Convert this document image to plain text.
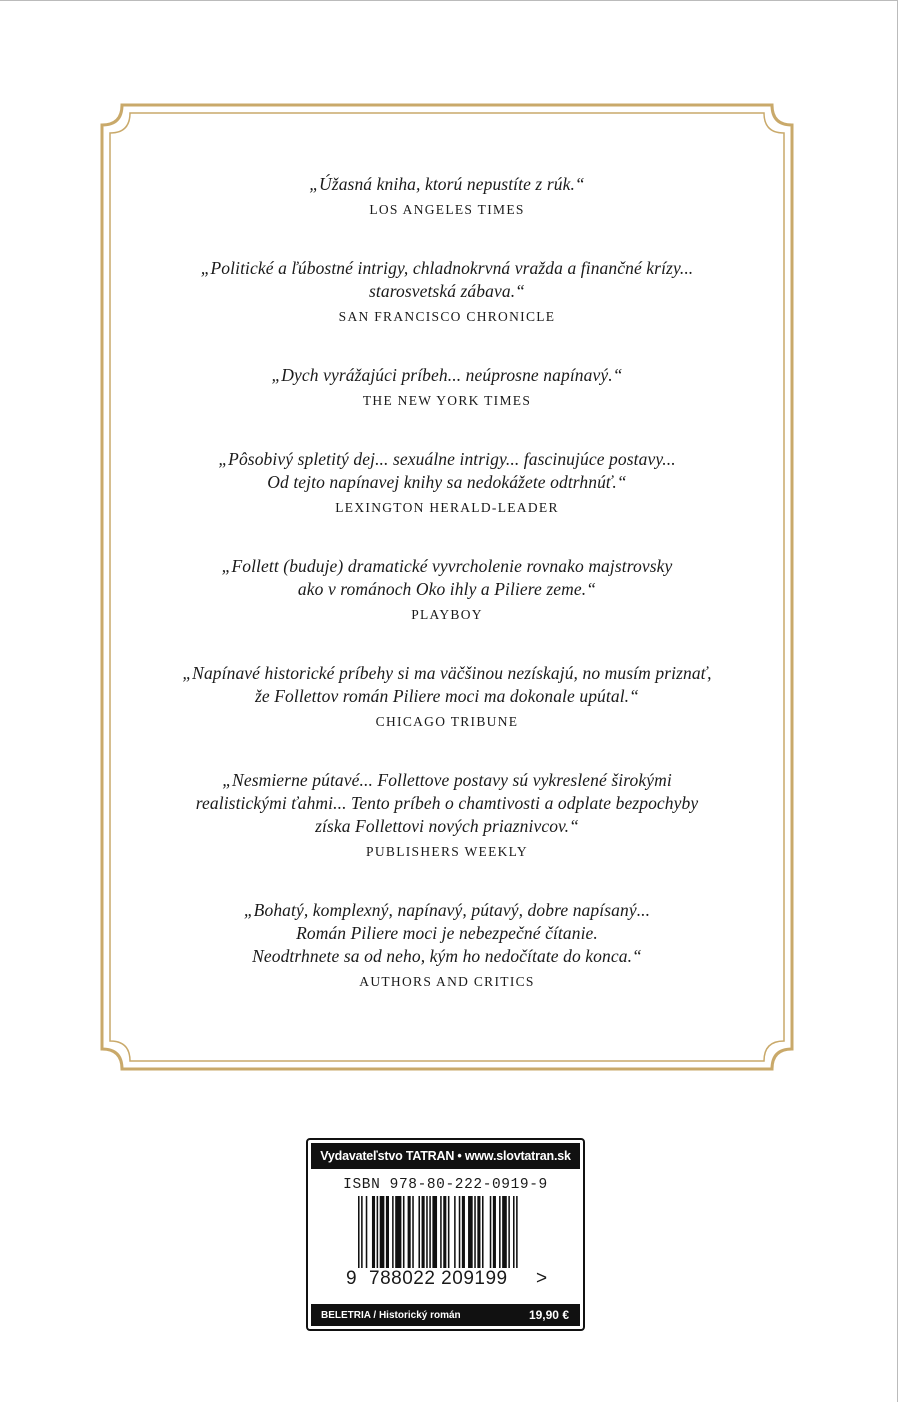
„Úžasná kniha, ktorú nepustíte z rúk.“
LOS ANGELES TIMES
„Politické a ľúbostné intrigy, chladnokrvná vražda a finančné krízy...
starosvetská zábava.“
SAN FRANCISCO CHRONICLE
„Dych vyrážajúci príbeh... neúprosne napínavý.“
THE NEW YORK TIMES
„Pôsobivý spletitý dej... sexuálne intrigy... fascinujúce postavy...
Od tejto napínavej knihy sa nedokážete odtrhnúť.“
LEXINGTON HERALD-LEADER
„Follett (buduje) dramatické vyvrcholenie rovnako majstrovsky
ako v románoch Oko ihly a Piliere zeme.“
PLAYBOY
„Napínavé historické príbehy si ma väčšinou nezískajú, no musím priznať,
že Follettov román Piliere moci ma dokonale upútal.“
CHICAGO TRIBUNE
„Nesmierne pútavé... Follettove postavy sú vykreslené širokými
realistickými ťahmi... Tento príbeh o chamtivosti a odplate bezpochyby
získa Follettovi nových priaznivcov.“
PUBLISHERS WEEKLY
„Bohatý, komplexný, napínavý, pútavý, dobre napísaný...
Román Piliere moci je nebezpečné čítanie.
Neodtrhnete sa od neho, kým ho nedočítate do konca.“
AUTHORS AND CRITICS
Vydavateľstvo TATRAN • www.slovtatran.sk
ISBN 978-80-222-0919-9
9 788022 209199 >
BELETRIA / Historický román	19,90 €
